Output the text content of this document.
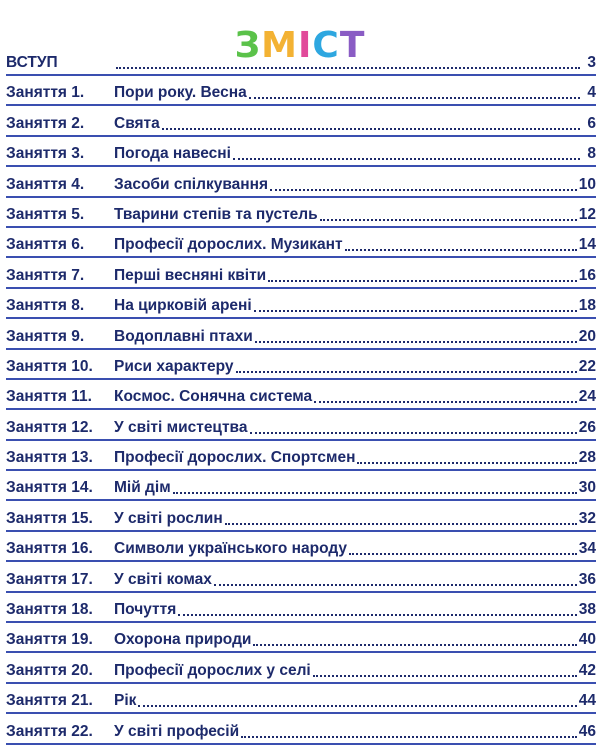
ЗМІСТ
ВСТУП	3
Заняття 1.	Пори року. Весна	4
Заняття 2.	Свята	6
Заняття 3.	Погода навесні	8
Заняття 4.	Засоби спілкування	10
Заняття 5.	Тварини степів та пустель	12
Заняття 6.	Професії дорослих. Музикант	14
Заняття 7.	Перші весняні квіти	16
Заняття 8.	На цирковій арені	18
Заняття 9.	Водоплавні птахи	20
Заняття 10.	Риси характеру	22
Заняття 11.	Космос. Сонячна система	24
Заняття 12.	У світі мистецтва	26
Заняття 13.	Професії дорослих. Спортсмен	28
Заняття 14.	Мій дім	30
Заняття 15.	У світі рослин	32
Заняття 16.	Символи українського народу	34
Заняття 17.	У світі комах	36
Заняття 18.	Почуття	38
Заняття 19.	Охорона природи	40
Заняття 20.	Професії дорослих у селі	42
Заняття 21.	Рік	44
Заняття 22.	У світі професій	46
